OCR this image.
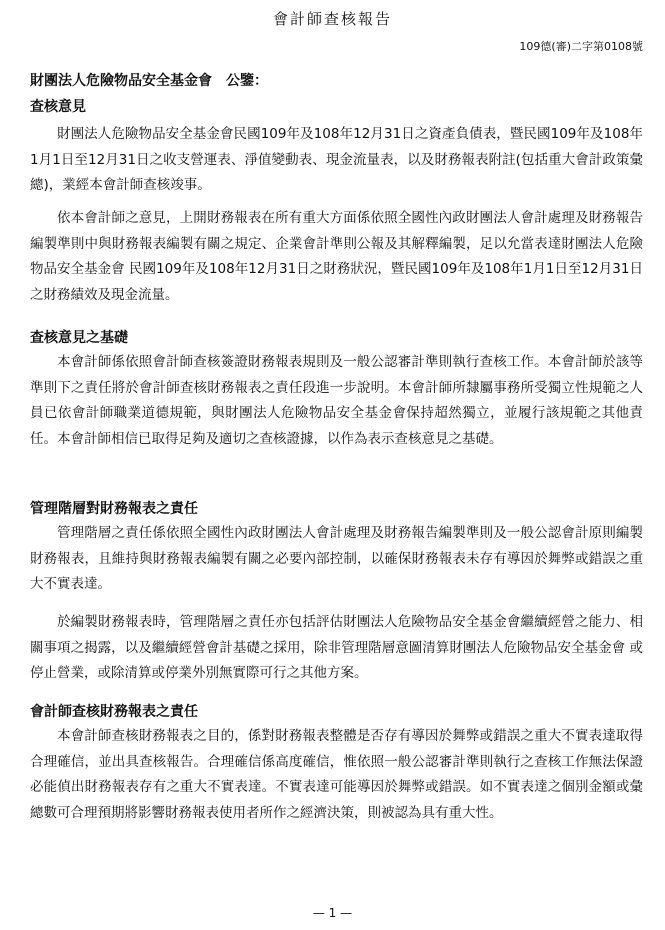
會計師查核報告
109德(審)二字第0108號
財團法人危險物品安全基金會　公鑒：
查核意見

財團法人危險物品安全基金會民國109年及108年12月31日之資產負債表，暨民國109年及108年1月1日至12月31日之收支營運表、淨值變動表、現金流量表，以及財務報表附註(包括重大會計政策彙總)，業經本會計師查核竣事。

依本會計師之意見，上開財務報表在所有重大方面係依照全國性內政財團法人會計處理及財務報告編製準則中與財務報表編製有關之規定、企業會計準則公報及其解釋編製，足以允當表達財團法人危險物品安全基金會 民國109年及108年12月31日之財務狀況，暨民國109年及108年1月1日至12月31日之財務績效及現金流量。

查核意見之基礎

本會計師係依照會計師查核簽證財務報表規則及一般公認審計準則執行查核工作。本會計師於該等準則下之責任將於會計師查核財務報表之責任段進一步說明。本會計師所隸屬事務所受獨立性規範之人員已依會計師職業道德規範，與財團法人危險物品安全基金會保持超然獨立，並履行該規範之其他責任。本會計師相信已取得足夠及適切之查核證據，以作為表示查核意見之基礎。

管理階層對財務報表之責任

管理階層之責任係依照全國性內政財團法人會計處理及財務報告編製準則及一般公認會計原則編製財務報表，且維持與財務報表編製有關之必要內部控制，以確保財務報表未存有導因於舞弊或錯誤之重大不實表達。

於編製財務報表時，管理階層之責任亦包括評估財團法人危險物品安全基金會繼續經營之能力、相關事項之揭露，以及繼續經營會計基礎之採用，除非管理階層意圖清算財團法人危險物品安全基金會 或停止營業，或除清算或停業外別無實際可行之其他方案。

會計師查核財務報表之責任

本會計師查核財務報表之目的，係對財務報表整體是否存有導因於舞弊或錯誤之重大不實表達取得合理確信，並出具查核報告。合理確信係高度確信，惟依照一般公認審計準則執行之查核工作無法保證必能偵出財務報表存有之重大不實表達。不實表達可能導因於舞弊或錯誤。如不實表達之個別金額或彙總數可合理預期將影響財務報表使用者所作之經濟決策，則被認為具有重大性。

— 1 —
